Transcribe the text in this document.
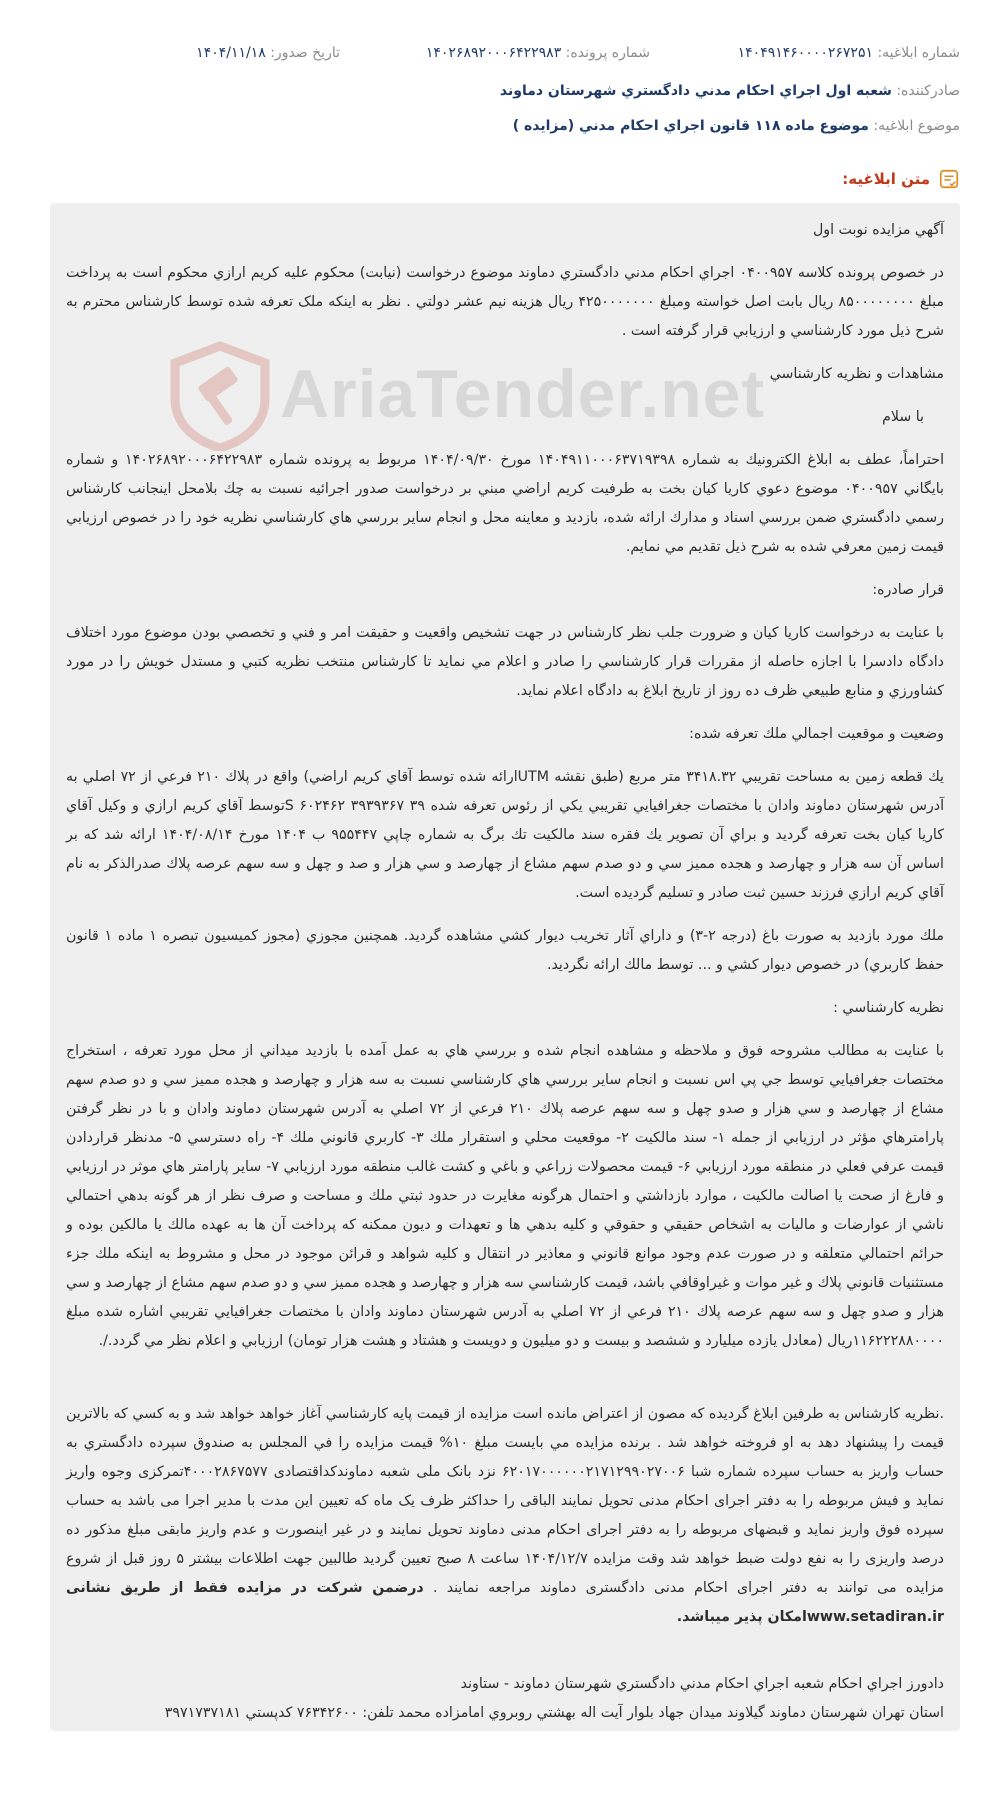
شماره ابلاغيه: ۱۴۰۴۹۱۴۶۰۰۰۰۲۶۷۲۵۱
شماره پرونده: ۱۴۰۲۶۸۹۲۰۰۰۶۴۲۲۹۸۳
تاريخ صدور: ۱۴۰۴/۱۱/۱۸
صادرکننده: شعبه اول اجراي احکام مدني دادگستري شهرستان دماوند
موضوع ابلاغيه: موضوع ماده ۱۱۸ قانون اجراي احکام مدني (مزايده )
متن ابلاغيه:
AriaTender.net

آگهي مزايده نوبت اول

در خصوص پرونده کلاسه ۰۴۰۰۹۵۷ اجراي احکام مدني دادگستري دماوند موضوع درخواست (نيابت) محکوم عليه کريم ارازي محکوم است به پرداخت مبلغ ۸۵۰۰۰۰۰۰۰۰ ريال بابت اصل خواسته ومبلغ ۴۲۵۰۰۰۰۰۰۰ ريال هزينه نيم عشر دولتي . نظر به اينکه ملک تعرفه شده توسط کارشناس محترم به شرح ذيل مورد کارشناسي و ارزيابي قرار گرفته است .

مشاهدات و نظريه کارشناسي

با سلام

احتراماً، عطف به ابلاغ الکترونيك به شماره ۱۴۰۴۹۱۱۰۰۰۶۳۷۱۹۳۹۸ مورخ ۱۴۰۴/۰۹/۳۰ مربوط به پرونده شماره ۱۴۰۲۶۸۹۲۰۰۰۶۴۲۲۹۸۳ و شماره بايگاني ۰۴۰۰۹۵۷ موضوع دعوي کاريا کيان بخت به طرفيت کريم اراضي مبني بر درخواست صدور اجرائيه نسبت به چك بلامحل اينجانب کارشناس رسمي دادگستري ضمن بررسي اسناد و مدارك ارائه شده، بازديد و معاينه محل و انجام ساير بررسي هاي کارشناسي نظريه خود را در خصوص ارزيابي قيمت زمين معرفي شده به شرح ذيل تقديم مي نمايم.

قرار صادره:

با عنايت به درخواست کاريا کيان و ضرورت جلب نظر کارشناس در جهت تشخيص واقعيت و حقيقت امر و فني و تخصصي بودن موضوع مورد اختلاف دادگاه دادسرا با اجازه حاصله از مقررات قرار کارشناسي را صادر و اعلام مي نمايد تا کارشناس منتخب نظريه کتبي و مستدل خويش را در مورد کشاورزي و منابع طبيعي ظرف ده روز از تاريخ ابلاغ به دادگاه اعلام نمايد.

وضعيت و موقعيت اجمالي ملك تعرفه شده:

يك قطعه زمين به مساحت تقريبي ۳۴۱۸.۳۲ متر مربع (طبق نقشه UTMارائه شده توسط آقاي کريم اراضي) واقع در پلاك ۲۱۰ فرعي از ۷۲ اصلي به آدرس شهرستان دماوند وادان با مختصات جغرافيايي تقريبي يکي از رئوس تعرفه شده ۳۹ ۳۹۳۹۳۶۷ ۶۰۲۴۶۲ Sتوسط آقاي کريم ارازي و وکيل آقاي کاريا کيان بخت تعرفه گرديد و براي آن تصوير يك فقره سند مالکيت تك برگ به شماره چاپي ۹۵۵۴۴۷ ب ۱۴۰۴ مورخ ۱۴۰۴/۰۸/۱۴ ارائه شد که بر اساس آن سه هزار و چهارصد و هجده مميز سي و دو صدم سهم مشاع از چهارصد و سي هزار و صد و چهل و سه سهم عرصه پلاك صدرالذکر به نام آقاي کريم ارازي فرزند حسين ثبت صادر و تسليم گرديده است.

ملك مورد بازديد به صورت باغ (درجه ۲-۳) و داراي آثار تخريب ديوار کشي مشاهده گرديد. همچنين مجوزي (مجوز کميسيون تبصره ۱ ماده ۱ قانون حفظ کاربري) در خصوص ديوار کشي و ... توسط مالك ارائه نگرديد.

نظريه کارشناسي :

با عنايت به مطالب مشروحه فوق و ملاحظه و مشاهده انجام شده و بررسي هاي به عمل آمده با بازديد ميداني از محل مورد تعرفه ، استخراج مختصات جغرافيايي توسط جي پي اس نسبت و انجام ساير بررسي هاي کارشناسي نسبت به سه هزار و چهارصد و هجده مميز سي و دو صدم سهم مشاع از چهارصد و سي هزار و صدو چهل و سه سهم عرصه پلاك ۲۱۰ فرعي از ۷۲ اصلي به آدرس شهرستان دماوند وادان و با در نظر گرفتن پارامترهاي مؤثر در ارزيابي از جمله ۱- سند مالکيت ۲- موقعيت محلي و استقرار ملك ۳- کاربري قانوني ملك ۴- راه دسترسي ۵- مدنظر قراردادن قيمت عرفي فعلي در منطقه مورد ارزيابي ۶- قيمت محصولات زراعي و باغي و کشت غالب منطقه مورد ارزيابي ۷- ساير پارامتر هاي موثر در ارزيابي و فارغ از صحت يا اصالت مالکيت ، موارد بازداشتي و احتمال هرگونه مغايرت در حدود ثبتي ملك و مساحت و صرف نظر از هر گونه بدهي احتمالي ناشي از عوارضات و ماليات به اشخاص حقيقي و حقوقي و کليه بدهي ها و تعهدات و ديون ممکنه که پرداخت آن ها به عهده مالك يا مالکين بوده و حرائم احتمالي متعلقه و در صورت عدم وجود موانع قانوني و معاذير در انتقال و کليه شواهد و قرائن موجود در محل و مشروط به اينکه ملك جزء مستثنيات قانوني پلاك و غير موات و غيراوقافي باشد، قيمت کارشناسي سه هزار و چهارصد و هجده مميز سي و دو صدم سهم مشاع از چهارصد و سي هزار و صدو چهل و سه سهم عرصه پلاك ۲۱۰ فرعي از ۷۲ اصلي به آدرس شهرستان دماوند وادان با مختصات جغرافيايي تقريبي اشاره شده مبلغ ۱۱۶۲۲۲۸۸۰۰۰۰ريال (معادل يازده ميليارد و ششصد و بيست و دو ميليون و دويست و هشتاد و هشت هزار تومان) ارزيابي و اعلام نظر مي گردد./.

.نظريه کارشناس به طرفين ابلاغ گرديده که مصون از اعتراض مانده است مزايده از قيمت پايه کارشناسي آغاز خواهد خواهد شد و به کسي که بالاترين قيمت را پيشنهاد دهد به او فروخته خواهد شد . برنده مزايده مي بايست مبلغ ۱۰% قيمت مزايده را في المجلس به صندوق سپرده دادگستري به حساب واريز به حساب سپرده شماره شبا ۶۲۰۱۷۰۰۰۰۰۰۲۱۷۱۲۹۹۰۲۷۰۰۶ نزد بانک ملی شعبه دماوندکداقتصادی ۴۰۰۰۲۸۶۷۵۷۷تمرکزی وجوه واریز نماید و فیش مربوطه را به دفتر اجرای احکام مدنی تحویل نمایند الباقی را حداکثر ظرف یک ماه که تعیین این مدت با مدیر اجرا می باشد به حساب سپرده فوق واریز نماید و قبضهای مربوطه را به دفتر اجرای احکام مدنی دماوند تحویل نمایند و در غیر اینصورت و عدم واریز مابقی مبلغ مذکور ده درصد واریزی را به نفع دولت ضبط خواهد شد وقت مزایده ۱۴۰۴/۱۲/۷ ساعت ۸ صبح تعیین گردید طالبین جهت اطلاعات بیشتر ۵ روز قبل از شروع مزایده می توانند به دفتر اجرای احکام مدنی دادگستری دماوند مراجعه نمایند . درضمن شرکت در مزایده فقط از طریق نشانی www.setadiran.irامکان پذیر میباشد.

دادورز اجراي احکام شعبه اجراي احکام مدني دادگستري شهرستان دماوند - ستاوند
استان تهران شهرستان دماوند گيلاوند ميدان جهاد بلوار آيت اله بهشتي روبروي امامزاده محمد تلفن: ۷۶۳۴۲۶۰۰ کدپستي ۳۹۷۱۷۳۷۱۸۱
